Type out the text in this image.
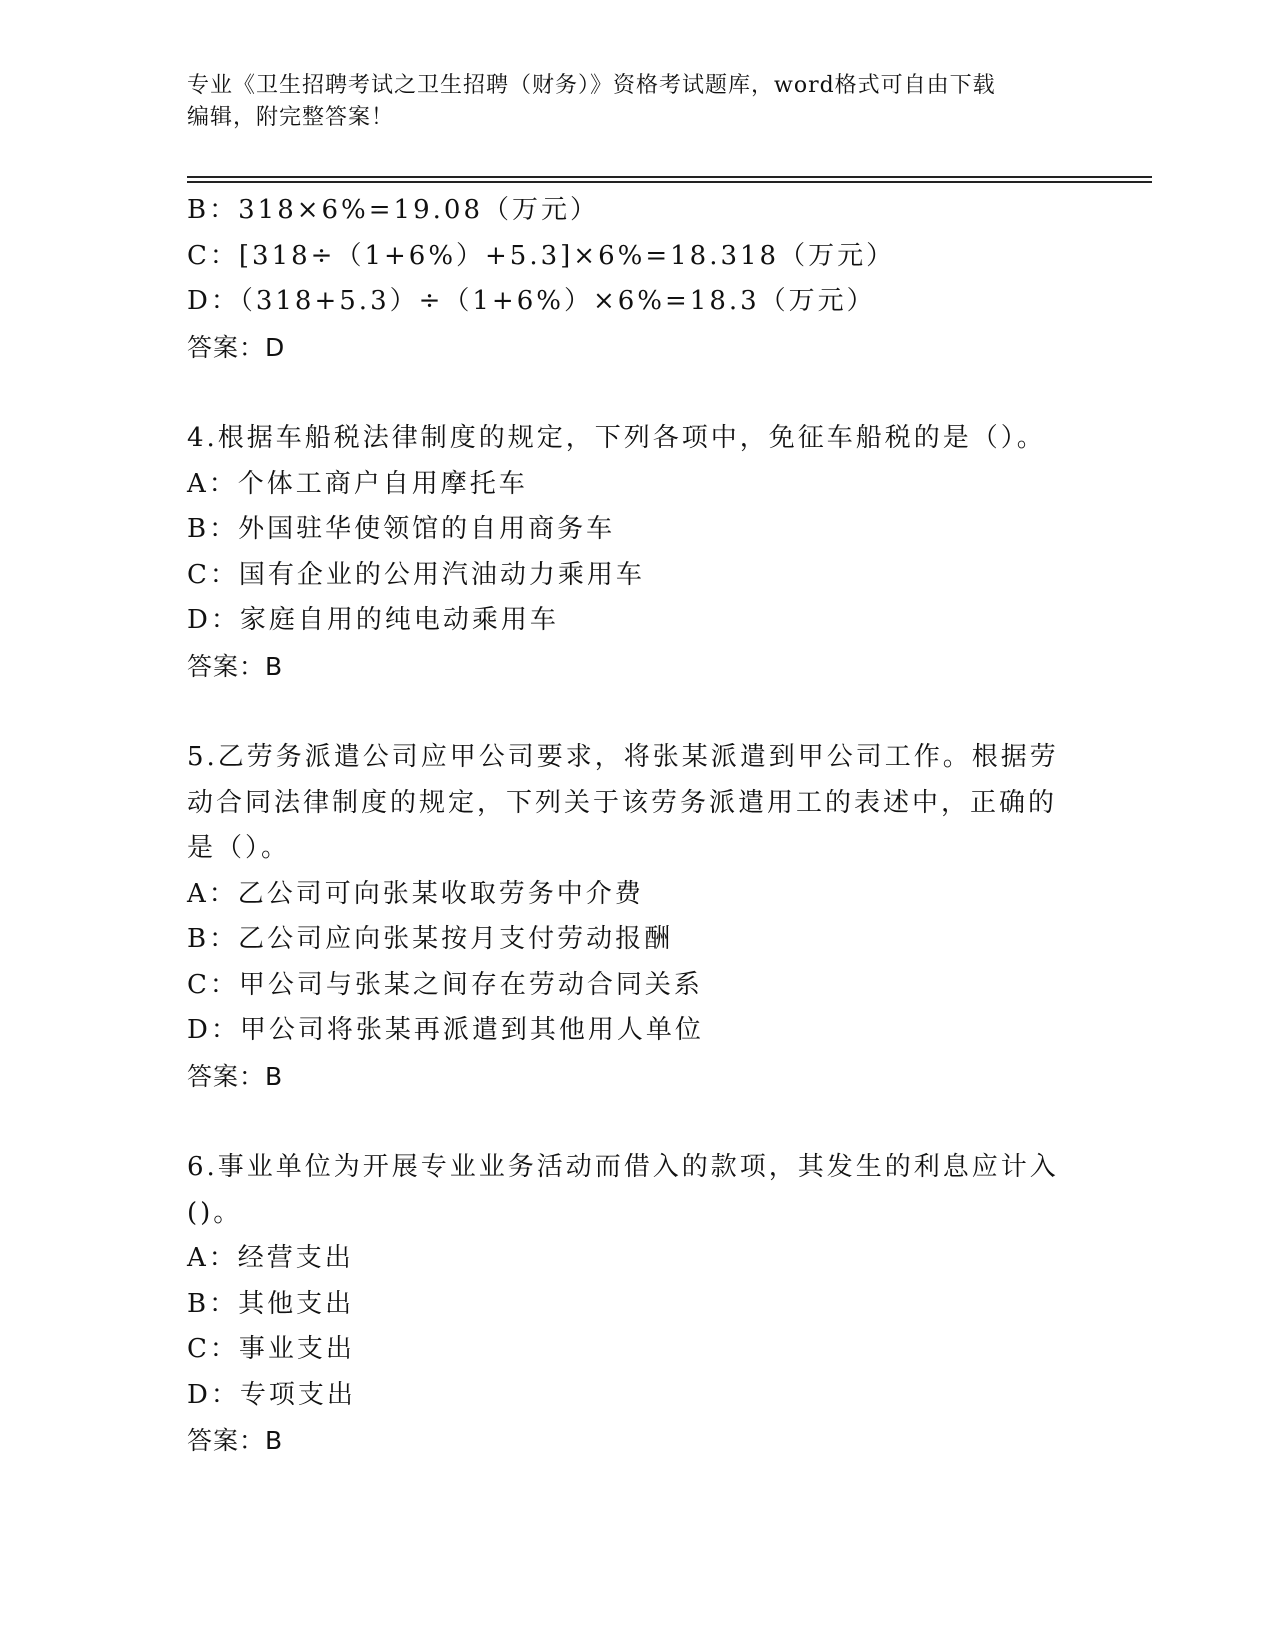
专业《卫生招聘考试之卫生招聘（财务）》资格考试题库，word格式可自由下载
编辑，附完整答案！
B：318×6%=19.08（万元）
C：[318÷（1+6%）+5.3]×6%=18.318（万元）
D：（318+5.3）÷（1+6%）×6%=18.3（万元）
答案：D
4.根据车船税法律制度的规定，下列各项中，免征车船税的是（）。
A：个体工商户自用摩托车
B：外国驻华使领馆的自用商务车
C：国有企业的公用汽油动力乘用车
D：家庭自用的纯电动乘用车
答案：B
5.乙劳务派遣公司应甲公司要求，将张某派遣到甲公司工作。根据劳动合同法律制度的规定，下列关于该劳务派遣用工的表述中，正确的是（）。
A：乙公司可向张某收取劳务中介费
B：乙公司应向张某按月支付劳动报酬
C：甲公司与张某之间存在劳动合同关系
D：甲公司将张某再派遣到其他用人单位
答案：B
6.事业单位为开展专业业务活动而借入的款项，其发生的利息应计入()。
A：经营支出
B：其他支出
C：事业支出
D：专项支出
答案：B
